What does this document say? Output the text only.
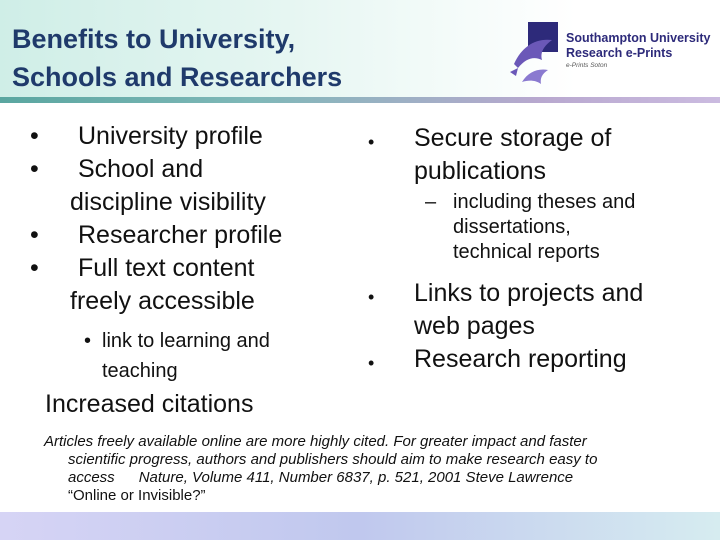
Benefits to University,
Schools and Researchers
Southampton University
Research e-Prints
e-Prints Soton
• University profile
• School and
discipline visibility
• Researcher profile
• Full text content
freely accessible
• link to learning and
teaching
Increased citations
• Secure storage of
publications
– including theses and
dissertations,
technical reports
• Links to projects and
web pages
• Research reporting
Articles freely available online are more highly cited. For greater impact and faster
scientific progress, authors and publishers should aim to make research easy to
access Nature, Volume 411, Number 6837, p. 521, 2001 Steve Lawrence
“Online or Invisible?”
